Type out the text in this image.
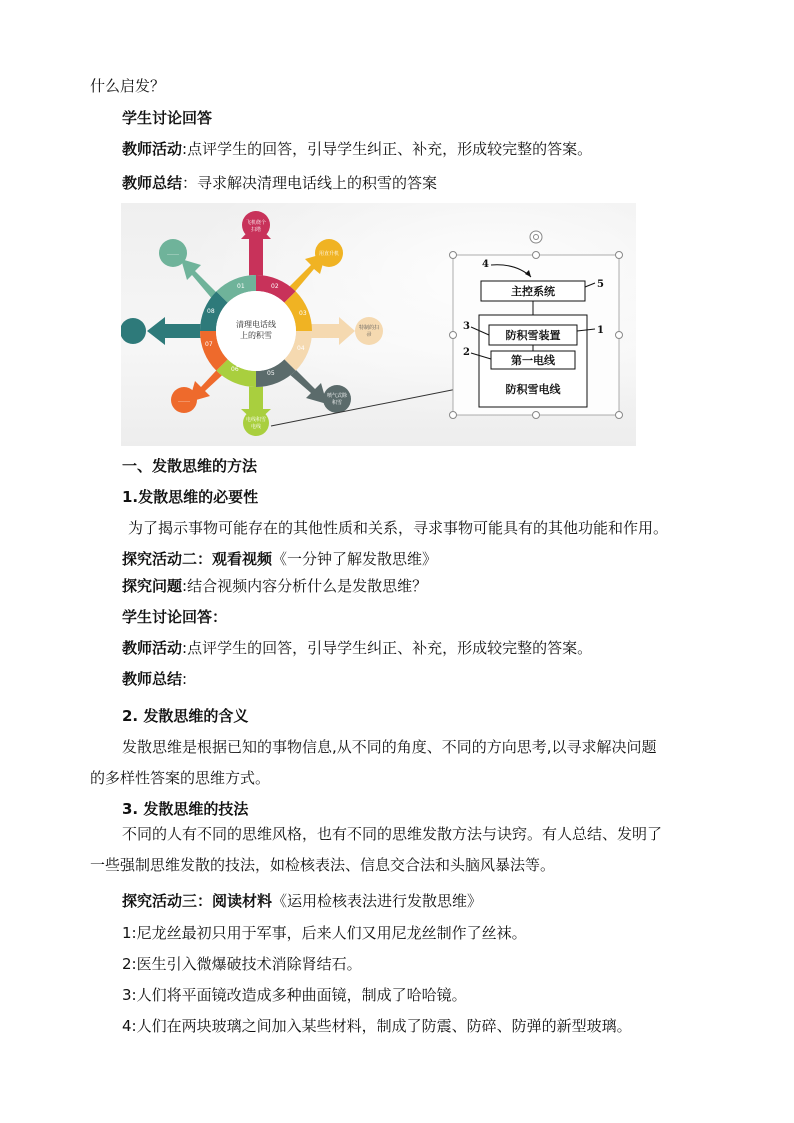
什么启发？
学生讨论回答
教师活动:点评学生的回答，引导学生纠正、补充，形成较完整的答案。
教师总结：寻求解决清理电话线上的积雪的答案
清理电话线
上的积雪
01	02
03
04
05
06
07
08
飞机绕个
扫塔
用直升机
特制的扫
帚
喷气式除
积雪
电线积雪
电线
……
……
4
主控系统
5
防积雪装置	1
3
第一电线
2
防积雪电线
一、发散思维的方法
1.发散思维的必要性
为了揭示事物可能存在的其他性质和关系，寻求事物可能具有的其他功能和作用。
探究活动二：观看视频《一分钟了解发散思维》
探究问题:结合视频内容分析什么是发散思维？
学生讨论回答：
教师活动:点评学生的回答，引导学生纠正、补充，形成较完整的答案。
教师总结:
2. 发散思维的含义
发散思维是根据已知的事物信息,从不同的角度、不同的方向思考,以寻求解决问题
的多样性答案的思维方式。
3. 发散思维的技法
不同的人有不同的思维风格，也有不同的思维发散方法与诀窍。有人总结、发明了
一些强制思维发散的技法，如检核表法、信息交合法和头脑风暴法等。
探究活动三：阅读材料《运用检核表法进行发散思维》
1:尼龙丝最初只用于军事，后来人们又用尼龙丝制作了丝袜。
2:医生引入微爆破技术消除肾结石。
3:人们将平面镜改造成多种曲面镜，制成了哈哈镜。
4:人们在两块玻璃之间加入某些材料，制成了防震、防碎、防弹的新型玻璃。
